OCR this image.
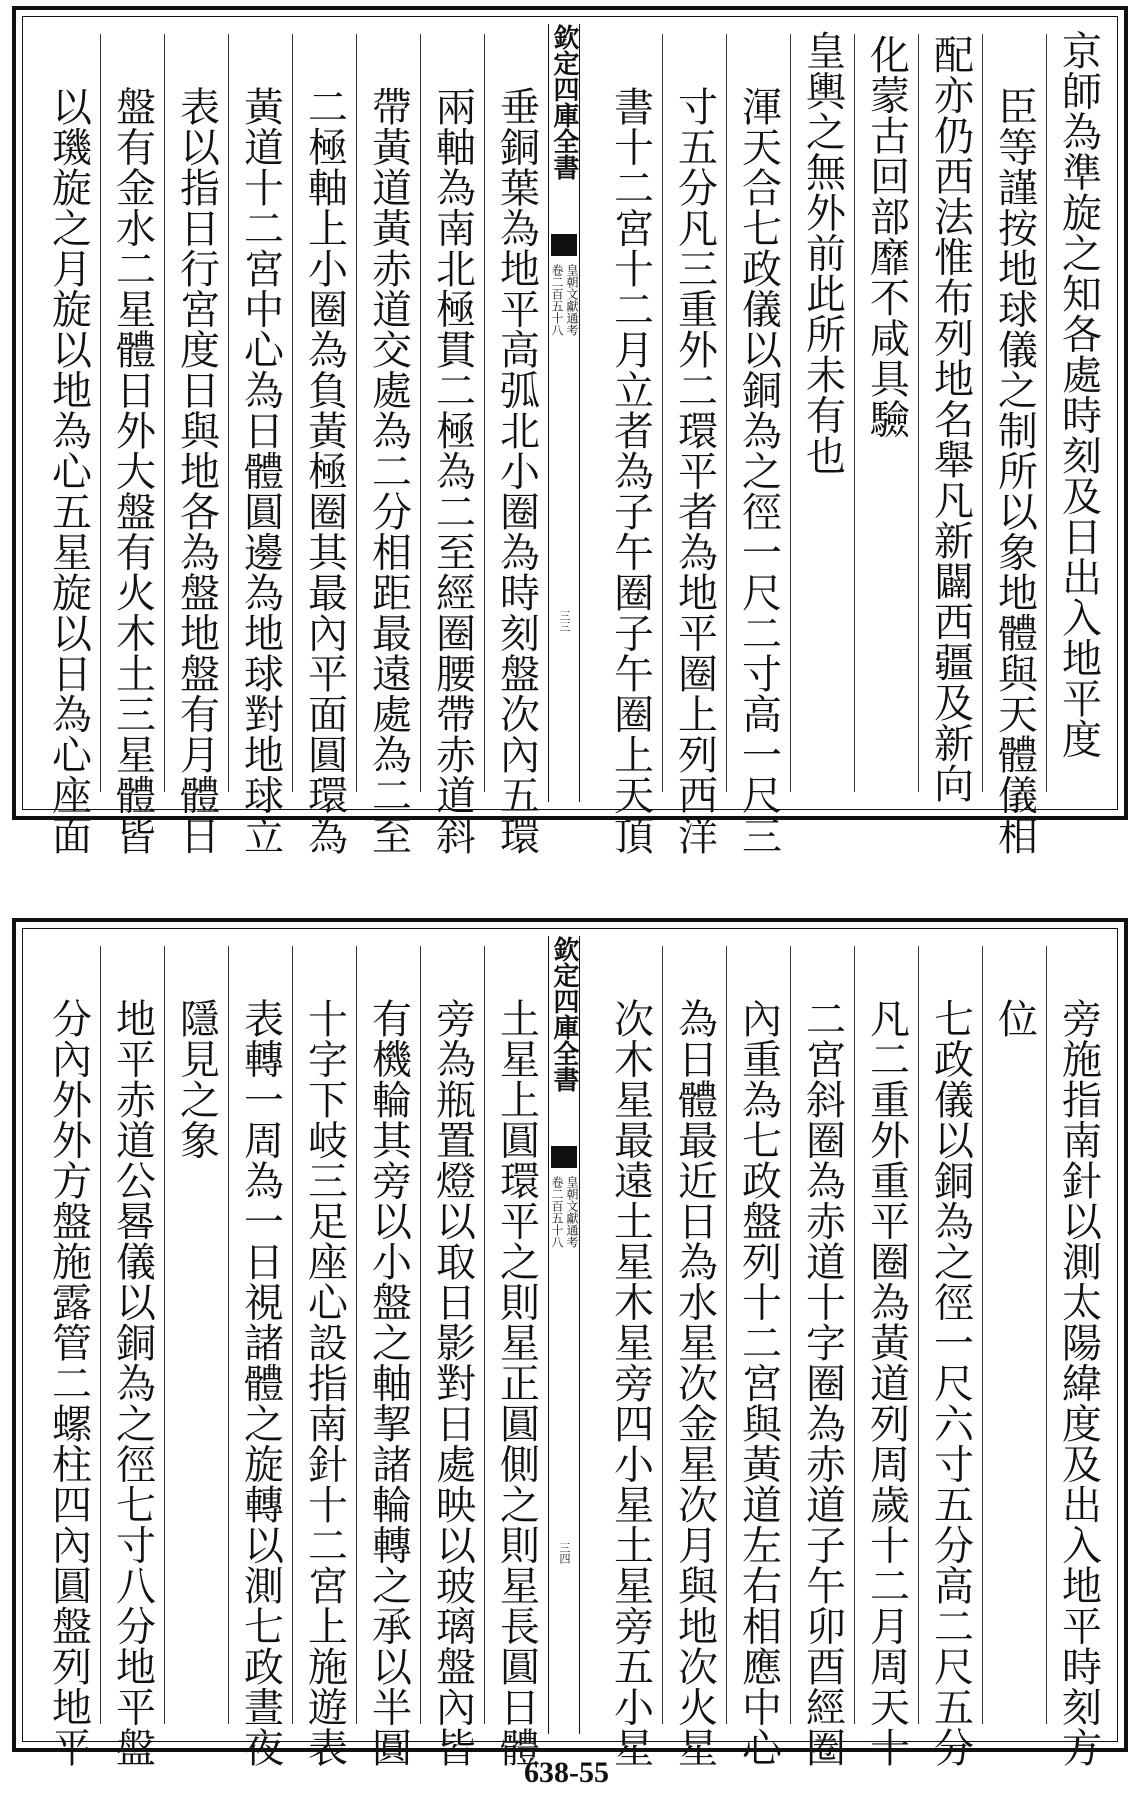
京師為準旋之知各處時刻及日出入地平度
臣等謹按地球儀之制所以象地體與天體儀相
配亦仍西法惟布列地名舉凡新闢西疆及新向
化蒙古回部靡不咸具驗
皇輿之無外前此所未有也
渾天合七政儀以銅為之徑一尺二寸高一尺三
寸五分凡三重外二環平者為地平圈上列西洋
書十二宮十二月立者為子午圈子午圈上天頂
欽定四庫全書
皇朝文獻通考
卷二百五十八
三三
垂銅葉為地平高弧北小圈為時刻盤次內五環
兩軸為南北極貫二極為二至經圈腰帶赤道斜
帶黃道黃赤道交處為二分相距最遠處為二至
二極軸上小圈為負黃極圈其最內平面圓環為
黃道十二宮中心為日體圓邊為地球對地球立
表以指日行宮度日與地各為盤地盤有月體日
盤有金水二星體日外大盤有火木土三星體皆
以璣旋之月旋以地為心五星旋以日為心座面
旁施指南針以測太陽緯度及出入地平時刻方
位
七政儀以銅為之徑一尺六寸五分高二尺五分
凡二重外重平圈為黃道列周歲十二月周天十
二宮斜圈為赤道十字圈為赤道子午卯酉經圈
內重為七政盤列十二宮與黃道左右相應中心
為日體最近日為水星次金星次月與地次火星
次木星最遠土星木星旁四小星土星旁五小星
欽定四庫全書
皇朝文獻通考
卷二百五十八
三四
土星上圓環平之則星正圓側之則星長圓日體
旁為瓶置燈以取日影對日處映以玻璃盤內皆
有機輪其旁以小盤之軸挈諸輪轉之承以半圓
十字下岐三足座心設指南針十二宮上施遊表
表轉一周為一日視諸體之旋轉以測七政晝夜
隱見之象
地平赤道公晷儀以銅為之徑七寸八分地平盤
分內外外方盤施露管二螺柱四內圓盤列地平
638-55
